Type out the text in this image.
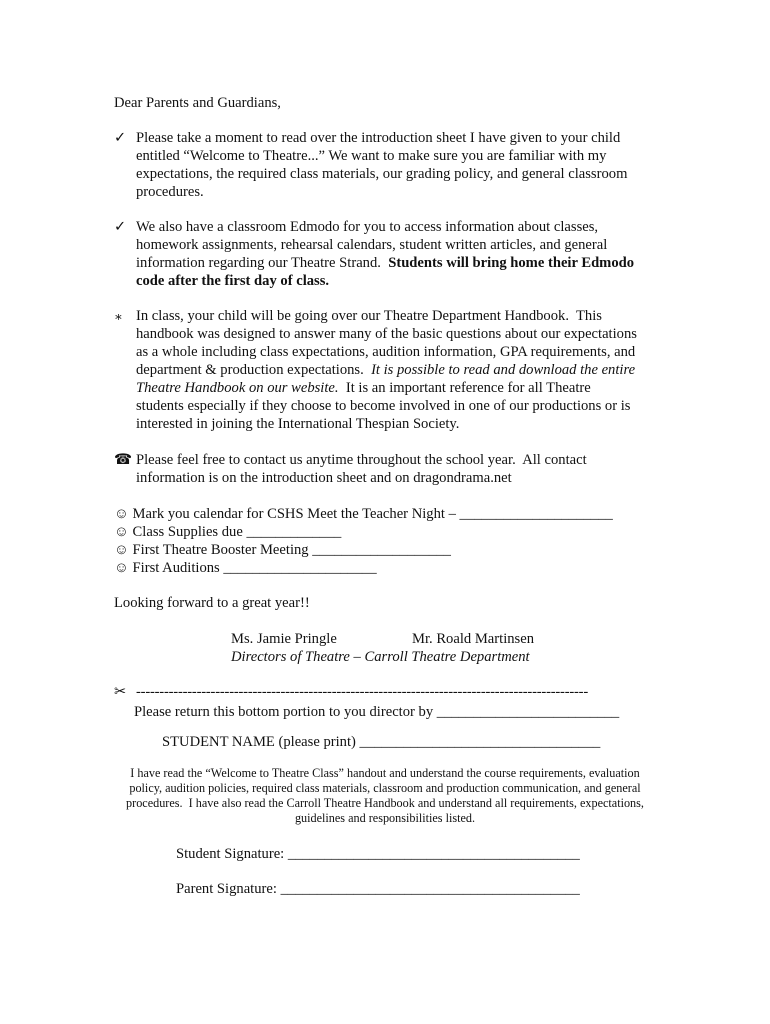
Dear Parents and Guardians,
✓ Please take a moment to read over the introduction sheet I have given to your child

entitled “Welcome to Theatre...” We want to make sure you are familiar with my

expectations, the required class materials, our grading policy, and general classroom

procedures.

✓ We also have a classroom Edmodo for you to access information about classes,

homework assignments, rehearsal calendars, student written articles, and general

information regarding our Theatre Strand.  Students will bring home their Edmodo

code after the first day of class.

∗ In class, your child will be going over our Theatre Department Handbook.  This

handbook was designed to answer many of the basic questions about our expectations

as a whole including class expectations, audition information, GPA requirements, and

department & production expectations.  It is possible to read and download the entire

Theatre Handbook on our website.  It is an important reference for all Theatre

students especially if they choose to become involved in one of our productions or is

interested in joining the International Thespian Society.

☎ Please feel free to contact us anytime throughout the school year.  All contact

information is on the introduction sheet and on dragondrama.net

☺ Mark you calendar for CSHS Meet the Teacher Night – _____________________
☺ Class Supplies due _____________
☺ First Theatre Booster Meeting ___________________
☺ First Auditions _____________________
Looking forward to a great year!!
Ms. Jamie Pringle	Mr. Roald Martinsen
Directors of Theatre – Carroll Theatre Department
✂ -------------------------------------------------------------------------------------------------
Please return this bottom portion to you director by _________________________
STUDENT NAME (please print) _________________________________

I have read the “Welcome to Theatre Class” handout and understand the course requirements, evaluation

policy, audition policies, required class materials, classroom and production communication, and general

procedures.  I have also read the Carroll Theatre Handbook and understand all requirements, expectations,

guidelines and responsibilities listed.

Student Signature: ________________________________________
Parent Signature: _________________________________________
